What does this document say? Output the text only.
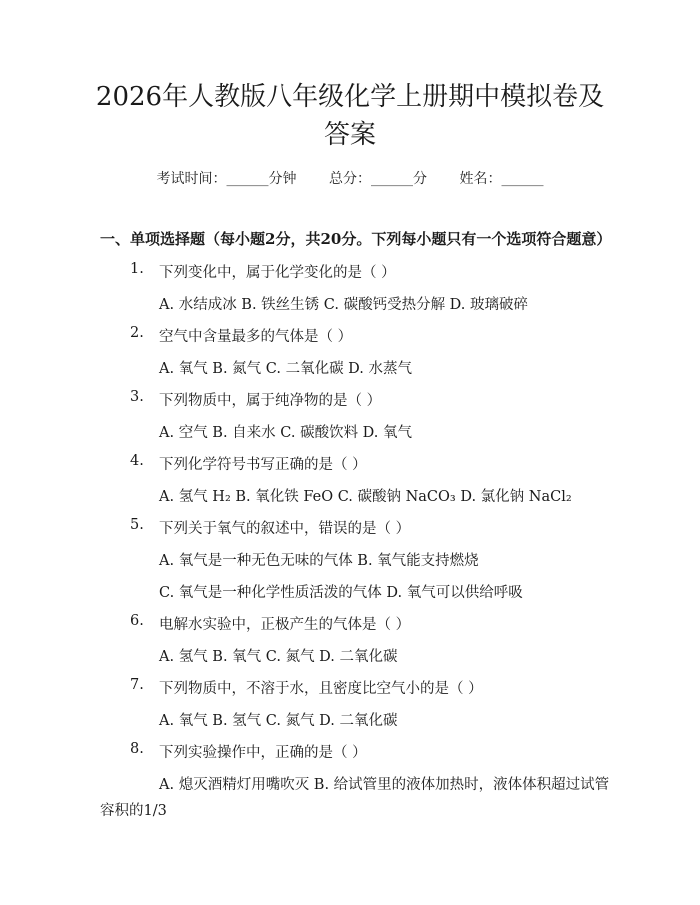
2026年人教版八年级化学上册期中模拟卷及
答案
考试时间：______分钟 总分：______分 姓名：______
一、单项选择题（每小题2分，共20分。下列每小题只有一个选项符合题意）
1. 下列变化中，属于化学变化的是（ ）
A. 水结成冰 B. 铁丝生锈 C. 碳酸钙受热分解 D. 玻璃破碎
2. 空气中含量最多的气体是（ ）
A. 氧气 B. 氮气 C. 二氧化碳 D. 水蒸气
3. 下列物质中，属于纯净物的是（ ）
A. 空气 B. 自来水 C. 碳酸饮料 D. 氧气
4. 下列化学符号书写正确的是（ ）
A. 氢气 H₂ B. 氧化铁 FeO C. 碳酸钠 NaCO₃ D. 氯化钠 NaCl₂
5. 下列关于氧气的叙述中，错误的是（ ）
A. 氧气是一种无色无味的气体 B. 氧气能支持燃烧
C. 氧气是一种化学性质活泼的气体 D. 氧气可以供给呼吸
6. 电解水实验中，正极产生的气体是（ ）
A. 氢气 B. 氧气 C. 氮气 D. 二氧化碳
7. 下列物质中，不溶于水，且密度比空气小的是（ ）
A. 氧气 B. 氢气 C. 氮气 D. 二氧化碳
8. 下列实验操作中，正确的是（ ）
A. 熄灭酒精灯用嘴吹灭 B. 给试管里的液体加热时，液体体积超过试管
容积的1/3
